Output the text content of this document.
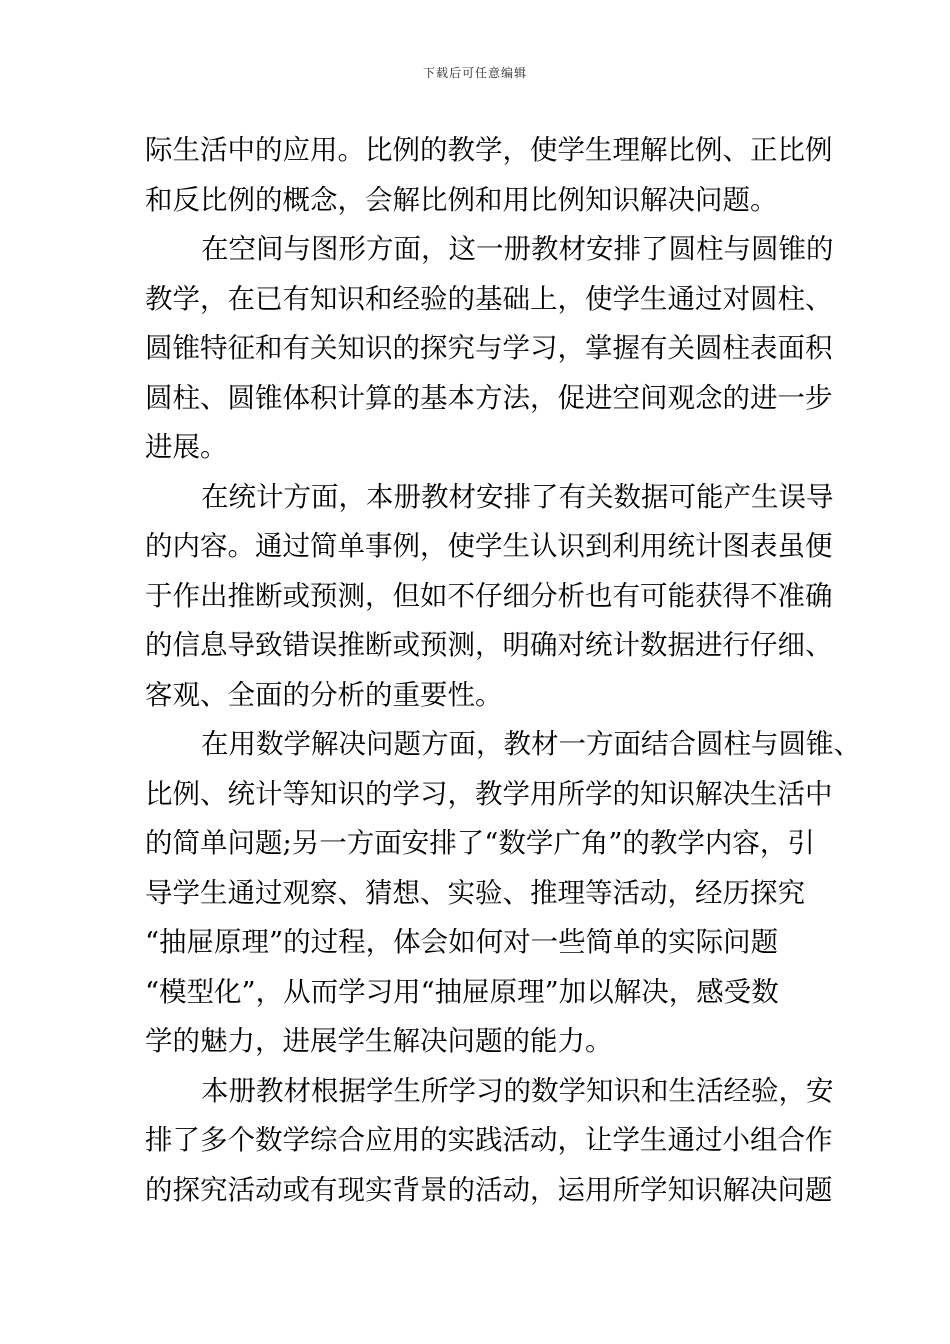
下载后可任意编辑
际生活中的应用。比例的教学，使学生理解比例、正比例
和反比例的概念，会解比例和用比例知识解决问题。
在空间与图形方面，这一册教材安排了圆柱与圆锥的
教学，在已有知识和经验的基础上，使学生通过对圆柱、
圆锥特征和有关知识的探究与学习，掌握有关圆柱表面积
圆柱、圆锥体积计算的基本方法，促进空间观念的进一步
进展。
在统计方面，本册教材安排了有关数据可能产生误导
的内容。通过简单事例，使学生认识到利用统计图表虽便
于作出推断或预测，但如不仔细分析也有可能获得不准确
的信息导致错误推断或预测，明确对统计数据进行仔细、
客观、全面的分析的重要性。
在用数学解决问题方面，教材一方面结合圆柱与圆锥、
比例、统计等知识的学习，教学用所学的知识解决生活中
的简单问题;另一方面安排了“数学广角”的教学内容，引
导学生通过观察、猜想、实验、推理等活动，经历探究
“抽屉原理”的过程，体会如何对一些简单的实际问题
“模型化”，从而学习用“抽屉原理”加以解决，感受数
学的魅力，进展学生解决问题的能力。
本册教材根据学生所学习的数学知识和生活经验，安
排了多个数学综合应用的实践活动，让学生通过小组合作
的探究活动或有现实背景的活动，运用所学知识解决问题
